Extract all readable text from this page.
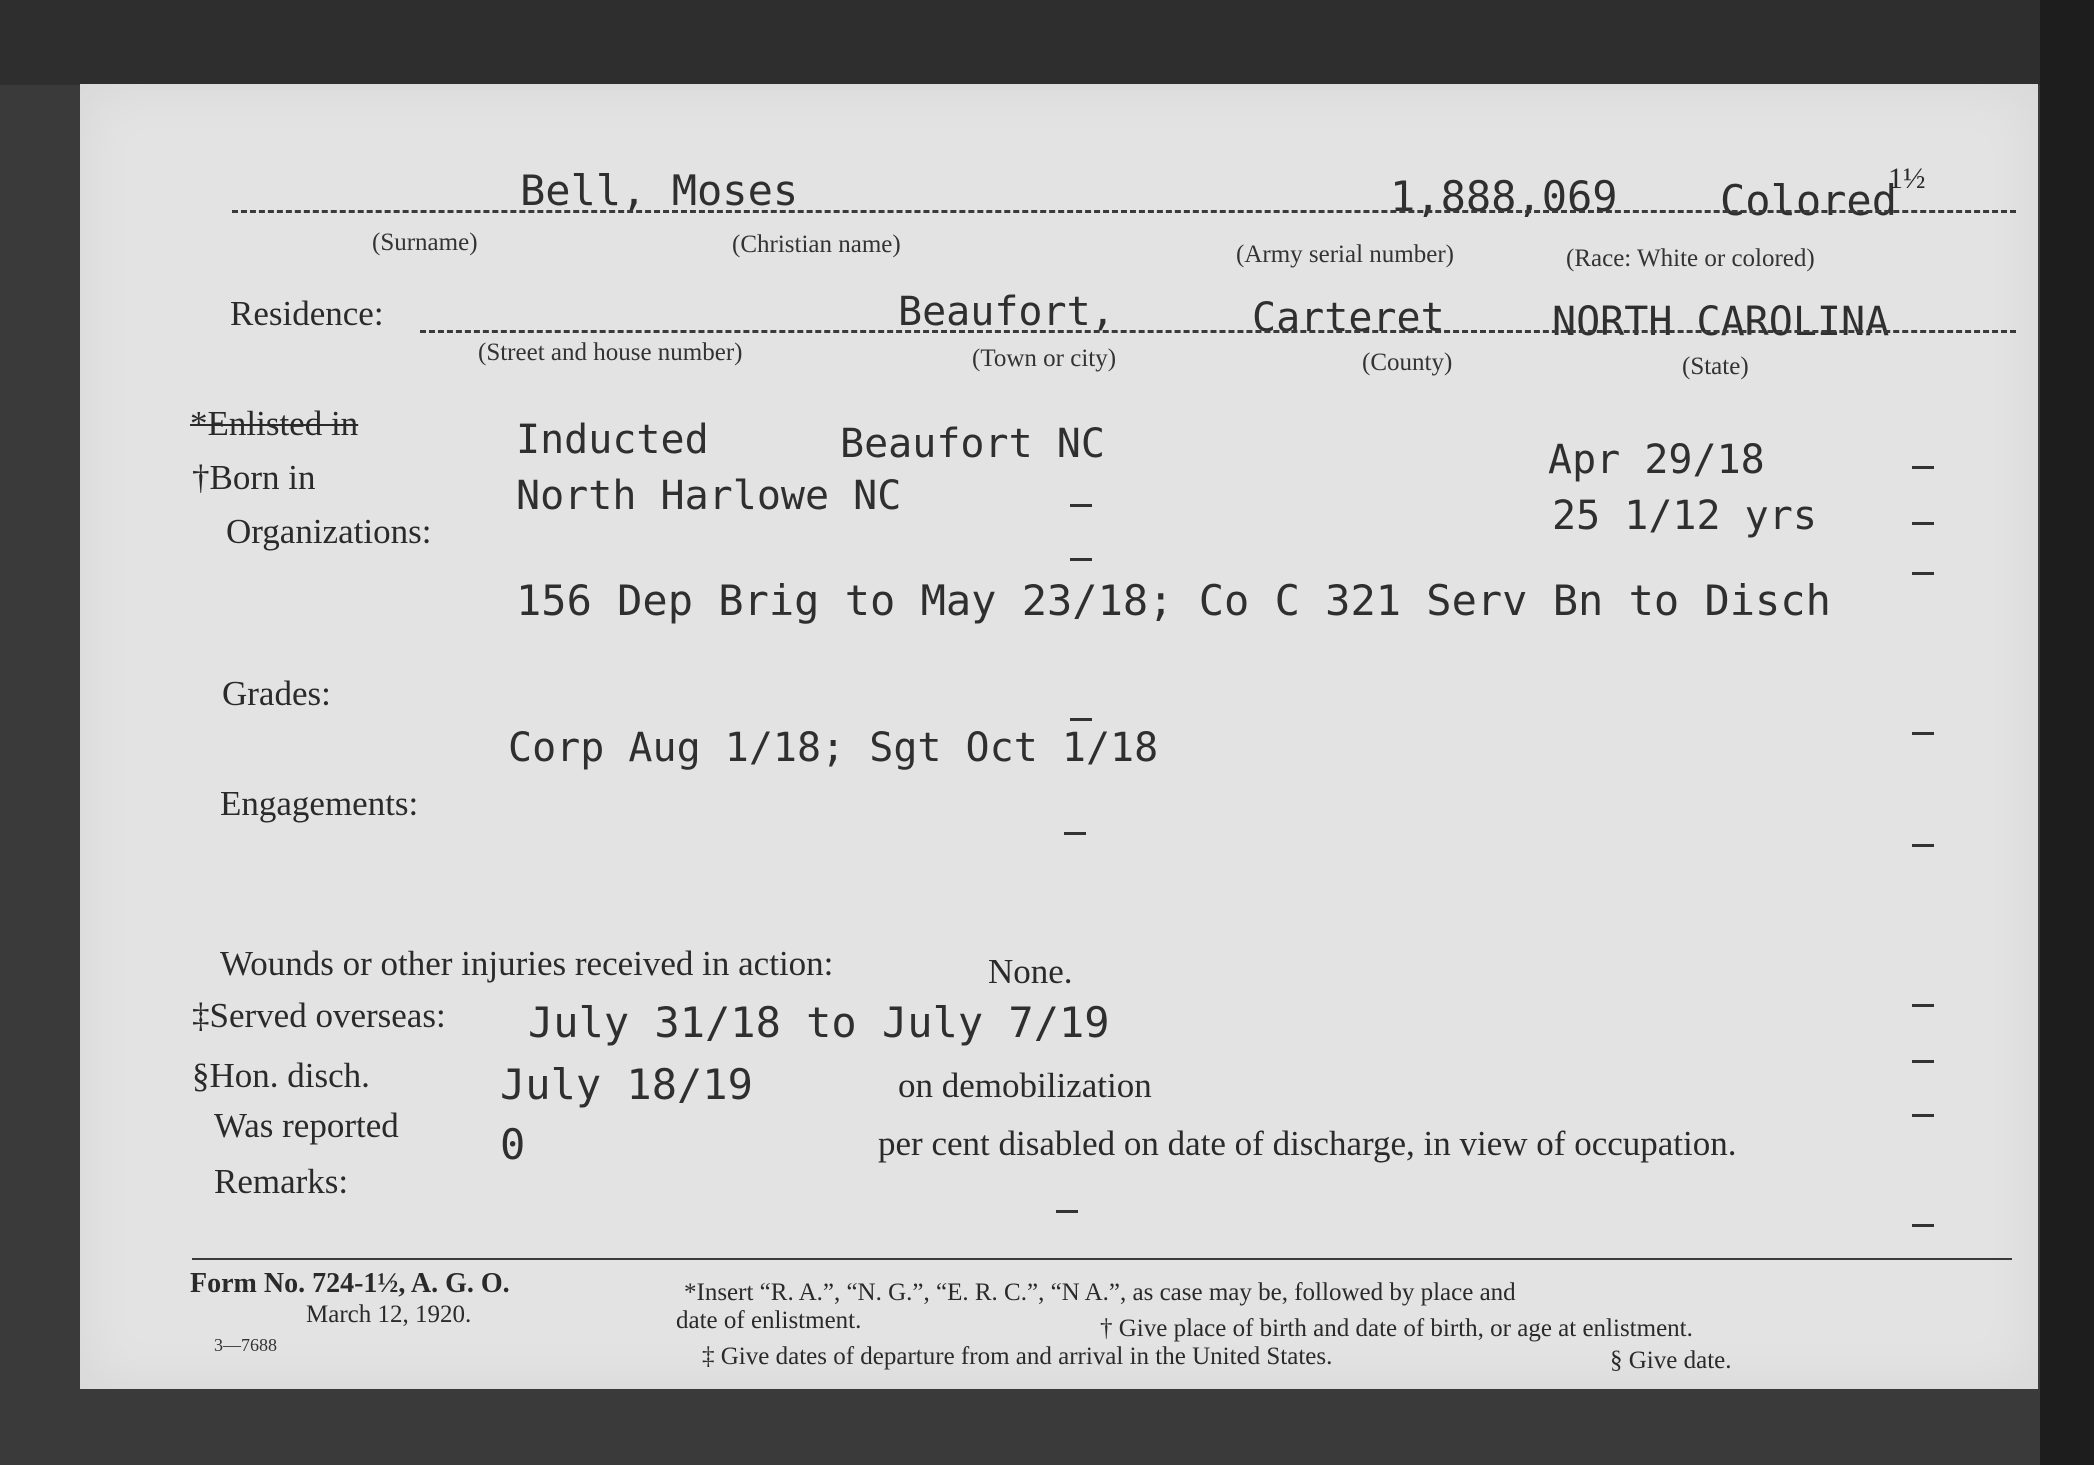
Bell, Moses	1,888,069 Colored
1½
(Surname)	(Christian name)	(Army serial number)	(Race: White or colored)
Residence:	Beaufort,	Carteret	NORTH CAROLINA
(Street and house number)	(Town or city)	(County)	(State)
*Enlisted in	Inducted	Beaufort NC	Apr 29/18
†Born in	North Harlowe NC	25 1/12 yrs
Organizations:
156 Dep Brig to May 23/18; Co C 321 Serv Bn to Disch
Grades:
Corp Aug 1/18; Sgt Oct 1/18
Engagements:
Wounds or other injuries received in action:	None.
‡Served overseas: July 31/18 to July 7/19
§Hon. disch.	July 18/19	on demobilization
Was reported 0	per cent disabled on date of discharge, in view of occupation.
Remarks:
Form No. 724-1½, A. G. O.
March 12, 1920.
3—7688
*Insert “R. A.”, “N. G.”, “E. R. C.”, “N A.”, as case may be, followed by place and
date of enlistment.	† Give place of birth and date of birth, or age at enlistment.
‡ Give dates of departure from and arrival in the United States.	§ Give date.
